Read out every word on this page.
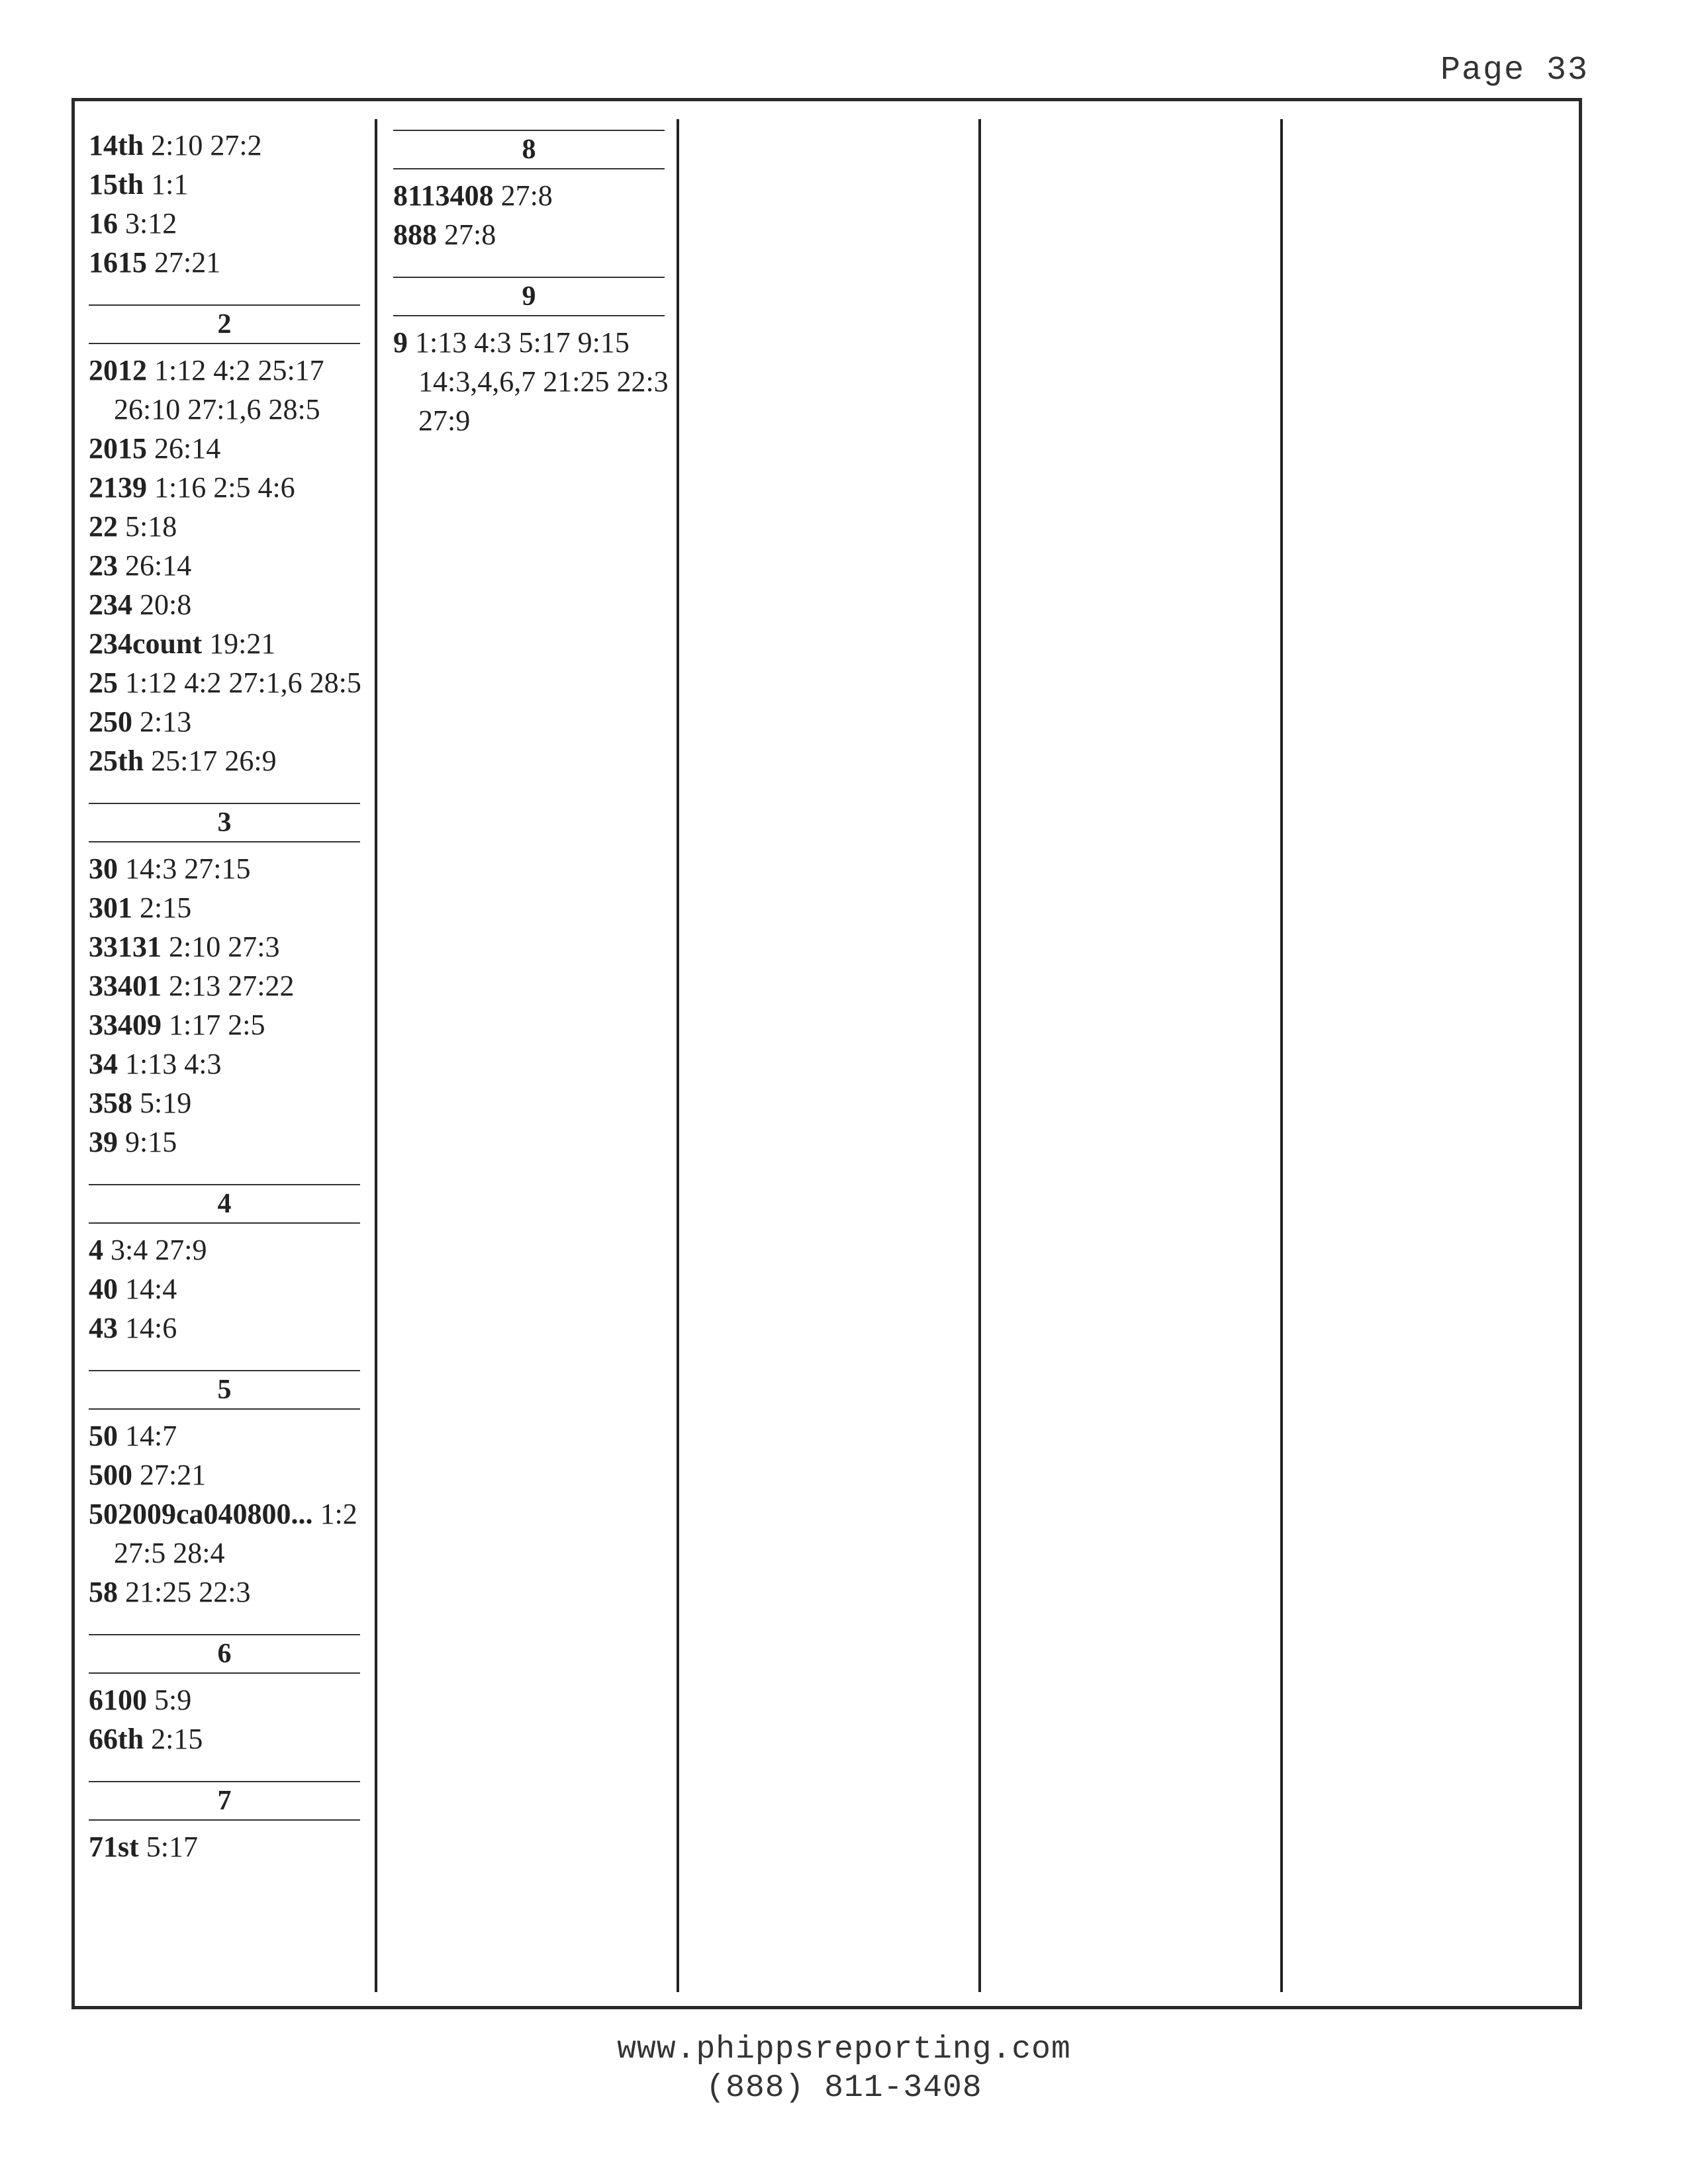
Page 33
14th 2:10 27:2
15th 1:1
16 3:12
1615 27:21
2
2012 1:12 4:2 25:17 26:10 27:1,6 28:5
2015 26:14
2139 1:16 2:5 4:6
22 5:18
23 26:14
234 20:8
234count 19:21
25 1:12 4:2 27:1,6 28:5
250 2:13
25th 25:17 26:9
3
30 14:3 27:15
301 2:15
33131 2:10 27:3
33401 2:13 27:22
33409 1:17 2:5
34 1:13 4:3
358 5:19
39 9:15
4
4 3:4 27:9
40 14:4
43 14:6
5
50 14:7
500 27:21
502009ca040800... 1:2 27:5 28:4
58 21:25 22:3
6
6100 5:9
66th 2:15
7
71st 5:17
8
8113408 27:8
888 27:8
9
9 1:13 4:3 5:17 9:15 14:3,4,6,7 21:25 22:3 27:9
www.phippsreporting.com
(888) 811-3408
